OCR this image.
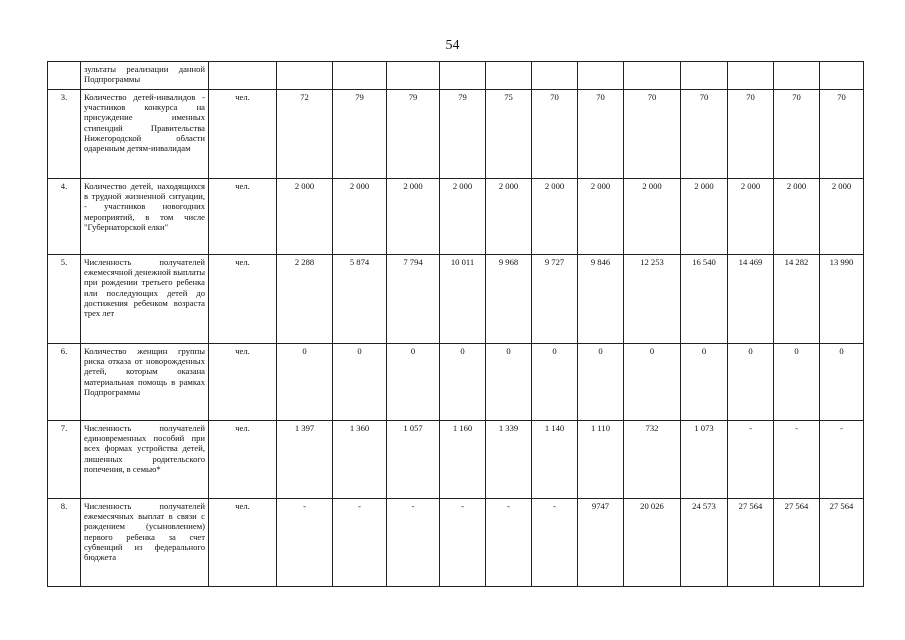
54
	зультаты реализации данной Подпрограммы													
3.	Количество детей-инвалидов - участников конкурса на присуждение именных стипендий Правительства Нижегородской области одаренным детям-инвалидам	чел.	72	79	79	79	75	70	70	70	70	70	70	70
4.	Количество детей, находящихся в трудной жизненной ситуации, - участников новогодних мероприятий, в том числе "Губернаторской елки"	чел.	2 000	2 000	2 000	2 000	2 000	2 000	2 000	2 000	2 000	2 000	2 000	2 000
5.	Численность получателей ежемесячной денежной выплаты при рождении третьего ребенка или последующих детей до достижения ребенком возраста трех лет	чел.	2 288	5 874	7 794	10 011	9 968	9 727	9 846	12 253	16 540	14 469	14 282	13 990
6.	Количество женщин группы риска отказа от новорожденных детей, которым оказана материальная помощь в рамках Подпрограммы	чел.	0	0	0	0	0	0	0	0	0	0	0	0
7.	Численность получателей единовременных пособий при всех формах устройства детей, лишенных родительского попечения, в семью*	чел.	1 397	1 360	1 057	1 160	1 339	1 140	1 110	732	1 073	-	-	-
8.	Численность получателей ежемесячных выплат в связи с рождением (усыновлением) первого ребенка за счет субвенций из федерального бюджета	чел.	-	-	-	-	-	-	9747	20 026	24 573	27 564	27 564	27 564
